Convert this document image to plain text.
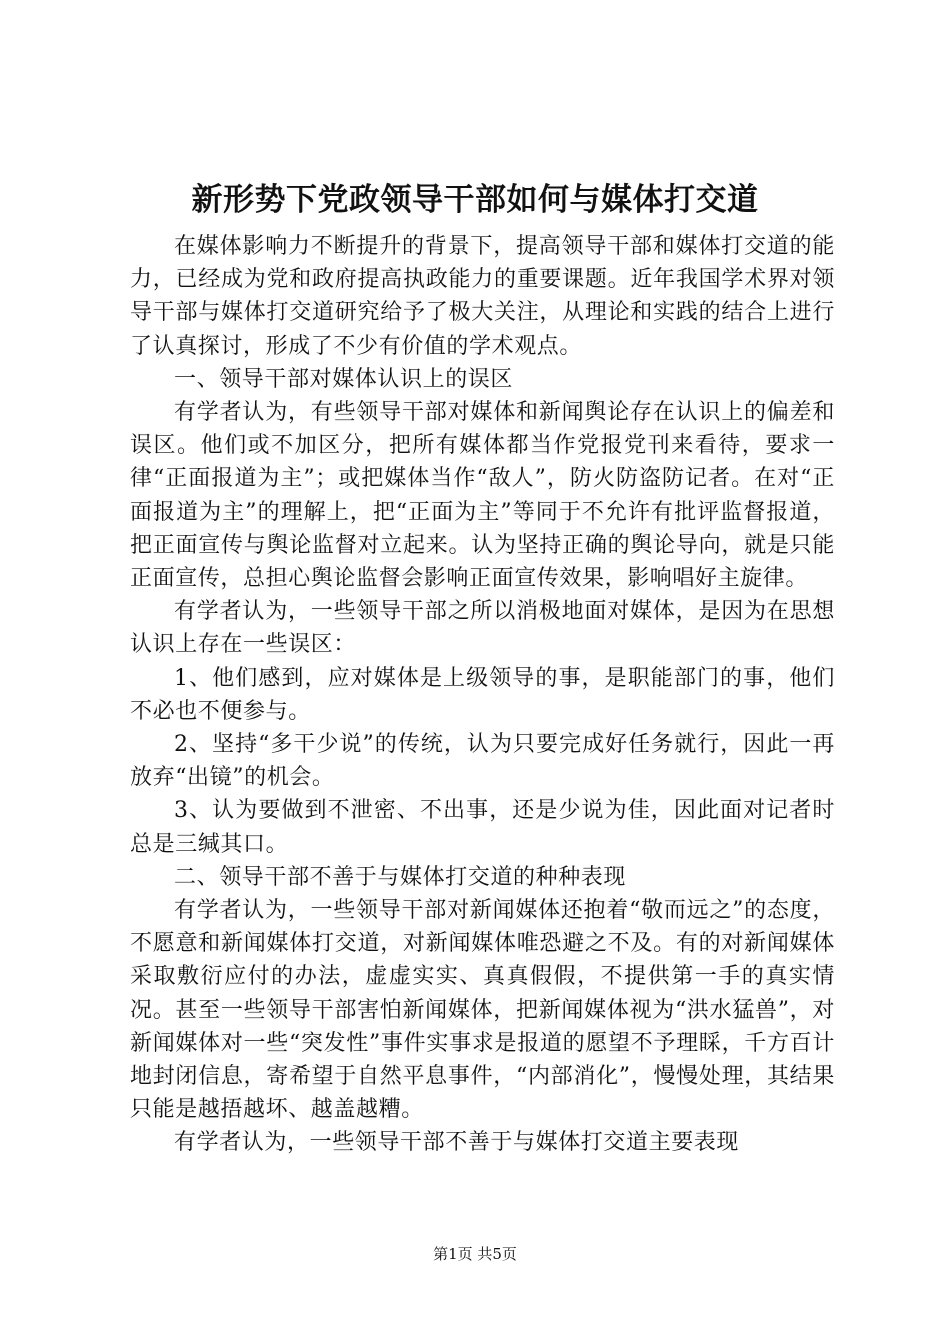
新形势下党政领导干部如何与媒体打交道

在媒体影响力不断提升的背景下，提高领导干部和媒体打交道的能力，已经成为党和政府提高执政能力的重要课题。近年我国学术界对领导干部与媒体打交道研究给予了极大关注，从理论和实践的结合上进行了认真探讨，形成了不少有价值的学术观点。

一、领导干部对媒体认识上的误区

有学者认为，有些领导干部对媒体和新闻舆论存在认识上的偏差和误区。他们或不加区分，把所有媒体都当作党报党刊来看待，要求一律“正面报道为主”；或把媒体当作“敌人”，防火防盗防记者。在对“正面报道为主”的理解上，把“正面为主”等同于不允许有批评监督报道，把正面宣传与舆论监督对立起来。认为坚持正确的舆论导向，就是只能正面宣传，总担心舆论监督会影响正面宣传效果，影响唱好主旋律。

有学者认为，一些领导干部之所以消极地面对媒体，是因为在思想认识上存在一些误区：

1、他们感到，应对媒体是上级领导的事，是职能部门的事，他们不必也不便参与。

2、坚持“多干少说”的传统，认为只要完成好任务就行，因此一再放弃“出镜”的机会。

3、认为要做到不泄密、不出事，还是少说为佳，因此面对记者时总是三缄其口。

二、领导干部不善于与媒体打交道的种种表现

有学者认为，一些领导干部对新闻媒体还抱着“敬而远之”的态度，不愿意和新闻媒体打交道，对新闻媒体唯恐避之不及。有的对新闻媒体采取敷衍应付的办法，虚虚实实、真真假假，不提供第一手的真实情况。甚至一些领导干部害怕新闻媒体，把新闻媒体视为“洪水猛兽”，对新闻媒体对一些“突发性”事件实事求是报道的愿望不予理睬，千方百计地封闭信息，寄希望于自然平息事件，“内部消化”，慢慢处理，其结果只能是越捂越坏、越盖越糟。

有学者认为，一些领导干部不善于与媒体打交道主要表现

第1页 共5页
